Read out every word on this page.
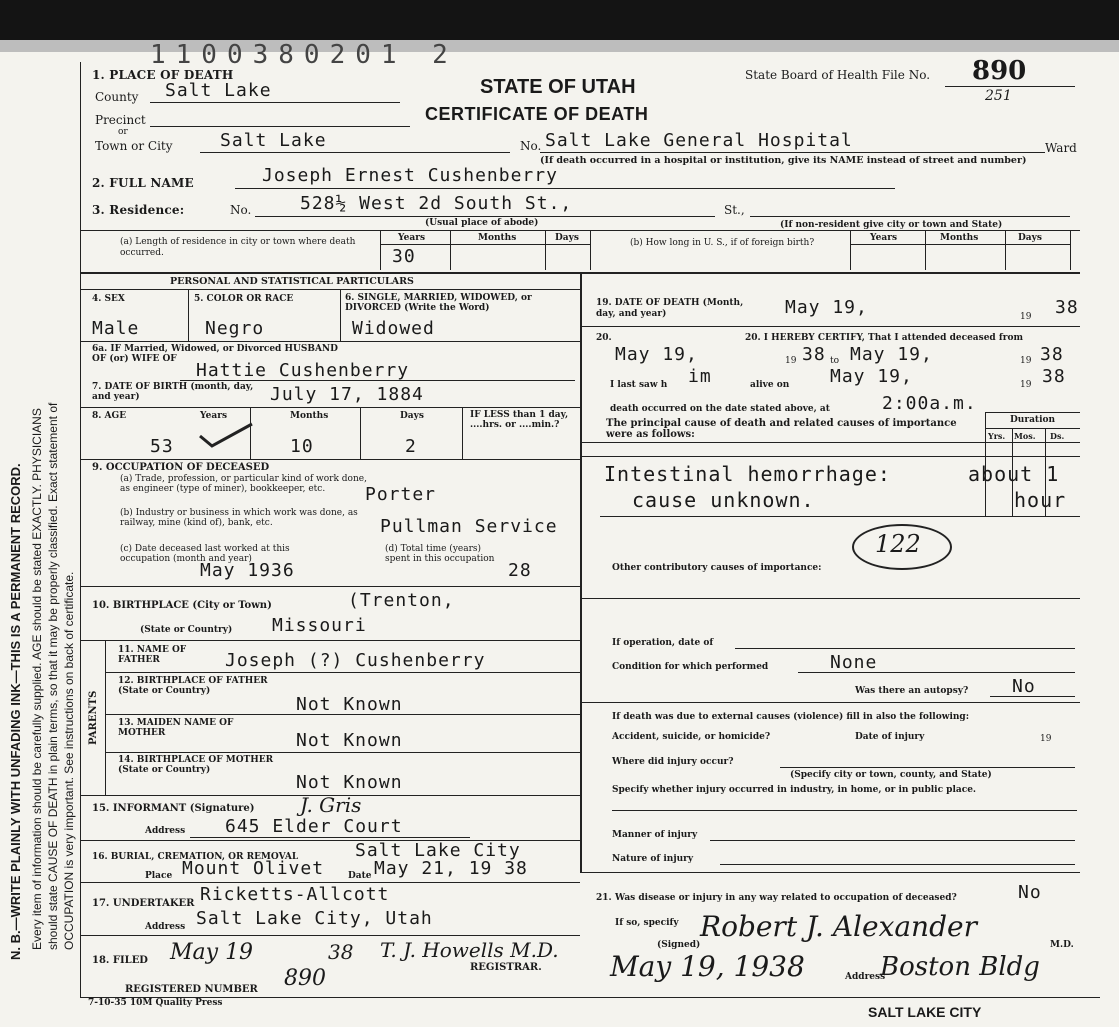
1100380201 2
N. B.—WRITE PLAINLY WITH UNFADING INK—THIS IS A PERMANENT RECORD. Every item of information should be carefully supplied. AGE should be stated EXACTLY. PHYSICIANS should state CAUSE OF DEATH in plain terms, so that it may be properly classified. Exact statement of OCCUPATION is very important. See instructions on back of certificate.
1. PLACE OF DEATH
STATE OF UTAH
CERTIFICATE OF DEATH
State Board of Health File No. 890
251
County Salt Lake
Precinct
or
Town or City	Salt Lake	No. Salt Lake General Hospital	Ward
(If death occurred in a hospital or institution, give its NAME instead of street and number)
2. FULL NAME	Joseph Ernest Cushenberry
3. Residence:	No.	528½ West 2d South St.,	St.,
(Usual place of abode)	(If non-resident give city or town and State)
(a) Length of residence in city or town where death occurred.
Years	Months	Days
30
(b) How long in U. S., if of foreign birth?	Years	Months	Days
PERSONAL AND STATISTICAL PARTICULARS
4. SEX	5. COLOR OR RACE	6. SINGLE, MARRIED, WIDOWED, or DIVORCED (Write the Word)
Male	Negro	Widowed
6a. IF Married, Widowed, or Divorced HUSBAND OF (or) WIFE OF
Hattie Cushenberry
7. DATE OF BIRTH (month, day, and year)	July 17, 1884
8. AGE	Years	Months	Days	IF LESS than 1 day, ....hrs. or ....min.?
53	10	2
9. OCCUPATION OF DECEASED
(a) Trade, profession, or particular kind of work done, as engineer (type of miner), bookkeeper, etc.	Porter
(b) Industry or business in which work was done, as railway, mine (kind of), bank, etc.	Pullman Service
(c) Date deceased last worked at this occupation (month and year)
May 1936
(d) Total time (years) spent in this occupation
28
10. BIRTHPLACE (City or Town)	(Trenton,
(State or Country) Missouri
PARENTS
11. NAME OF FATHER	Joseph (?) Cushenberry
12. BIRTHPLACE OF FATHER (State or Country)
Not Known
13. MAIDEN NAME OF MOTHER	Not Known
14. BIRTHPLACE OF MOTHER (State or Country)
Not Known
15. INFORMANT (Signature) J. Gris
Address 645 Elder Court
16. BURIAL, CREMATION, OR REMOVAL	Salt Lake City
Place Mount Olivet	Date May 21, 19 38
17. UNDERTAKER Ricketts-Allcott
Address Salt Lake City, Utah
18. FILED May 19	38 T. J. Howells M.D.
REGISTRAR.
REGISTERED NUMBER 890
19. DATE OF DEATH (Month, day, and year)	May 19,	19 38
20.	20. I HEREBY CERTIFY, That I attended deceased from
May 19,	19 38 to May 19,	19 38
I last saw h im	alive on May 19,	19 38
death occurred on the date stated above, at	2:00a.m.
The principal cause of death and related causes of importance were as follows:
Duration
Yrs. Mos. Ds.
Intestinal hemorrhage:	about 1
cause unknown.	hour
122
Other contributory causes of importance:
If operation, date of
Condition for which performed	None
Was there an autopsy? No
If death was due to external causes (violence) fill in also the following:
Accident, suicide, or homicide?	Date of injury	19
Where did injury occur?
(Specify city or town, county, and State)
Specify whether injury occurred in industry, in home, or in public place.
Manner of injury
Nature of injury
21. Was disease or injury in any way related to occupation of deceased?	No
If so, specify Robert J. Alexander
(Signed)	M.D.
May 19, 1938	Address
Boston Bldg
7-10-35 10M Quality Press
SALT LAKE CITY
